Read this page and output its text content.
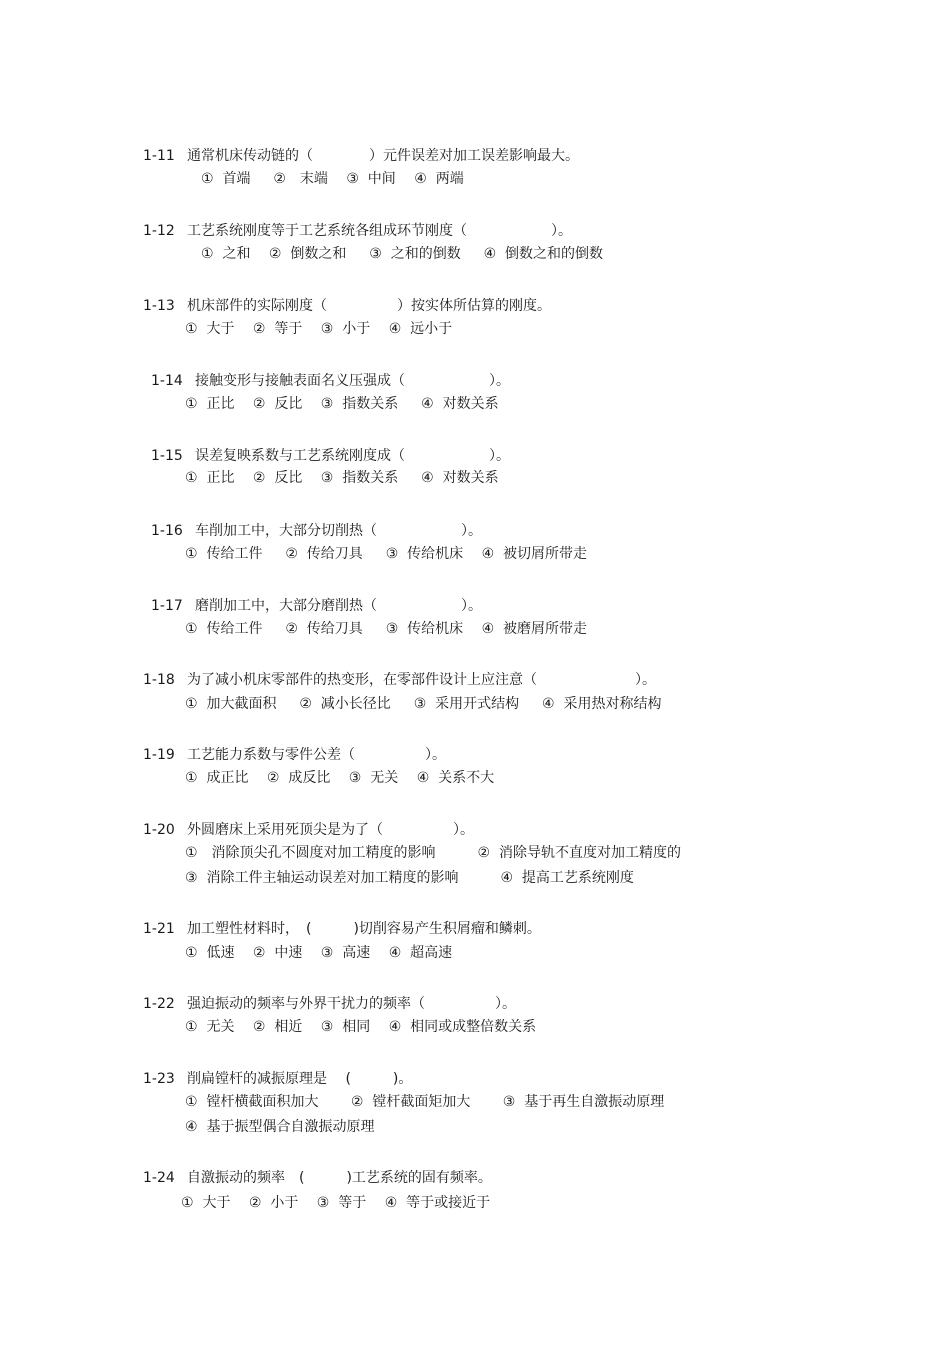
1-11 通常机床传动链的（　　　　）元件误差对加工误差影响最大。
①  首端　  ②　末端　 ③  中间　 ④  两端
1-12 工艺系统刚度等于工艺系统各组成环节刚度（　　　　　　）。
①  之和　 ②  倒数之和　  ③  之和的倒数　  ④  倒数之和的倒数
1-13 机床部件的实际刚度（　　　　　）按实体所估算的刚度。
①  大于　 ②  等于　 ③  小于　 ④  远小于
1-14 接触变形与接触表面名义压强成（　　　　　　）。
①  正比　 ②  反比　 ③  指数关系　  ④  对数关系
1-15 误差复映系数与工艺系统刚度成（　　　　　　）。
①  正比　 ②  反比　 ③  指数关系　  ④  对数关系
1-16 车削加工中，大部分切削热（　　　　　　）。
①  传给工件　  ②  传给刀具　  ③  传给机床　 ④  被切屑所带走
1-17 磨削加工中，大部分磨削热（　　　　　　）。
①  传给工件　  ②  传给刀具　  ③  传给机床　 ④  被磨屑所带走
1-18 为了减小机床零部件的热变形，在零部件设计上应注意（　　　　　　　）。
①  加大截面积　  ②  减小长径比　  ③  采用开式结构　  ④  采用热对称结构
1-19 工艺能力系数与零件公差（　　　　　）。
①  成正比　 ②  成反比　 ③  无关　 ④  关系不大
1-20 外圆磨床上采用死顶尖是为了（　　　　　）。
①　消除顶尖孔不圆度对加工精度的影响　　　②  消除导轨不直度对加工精度的
③  消除工件主轴运动误差对加工精度的影响　　　④  提高工艺系统刚度
1-21 加工塑性材料时，　(　　　)切削容易产生积屑瘤和鳞刺。
①  低速　 ②  中速　 ③  高速　 ④  超高速
1-22 强迫振动的频率与外界干扰力的频率（　　　　　）。
①  无关　 ②  相近　 ③  相同　 ④  相同或成整倍数关系
1-23 削扁镗杆的减振原理是　 (　　　)。
①  镗杆横截面积加大　　 ②  镗杆截面矩加大　　 ③  基于再生自激振动原理
④  基于振型偶合自激振动原理
1-24 自激振动的频率　(　　　)工艺系统的固有频率。
①  大于　 ②  小于　 ③  等于　 ④  等于或接近于
